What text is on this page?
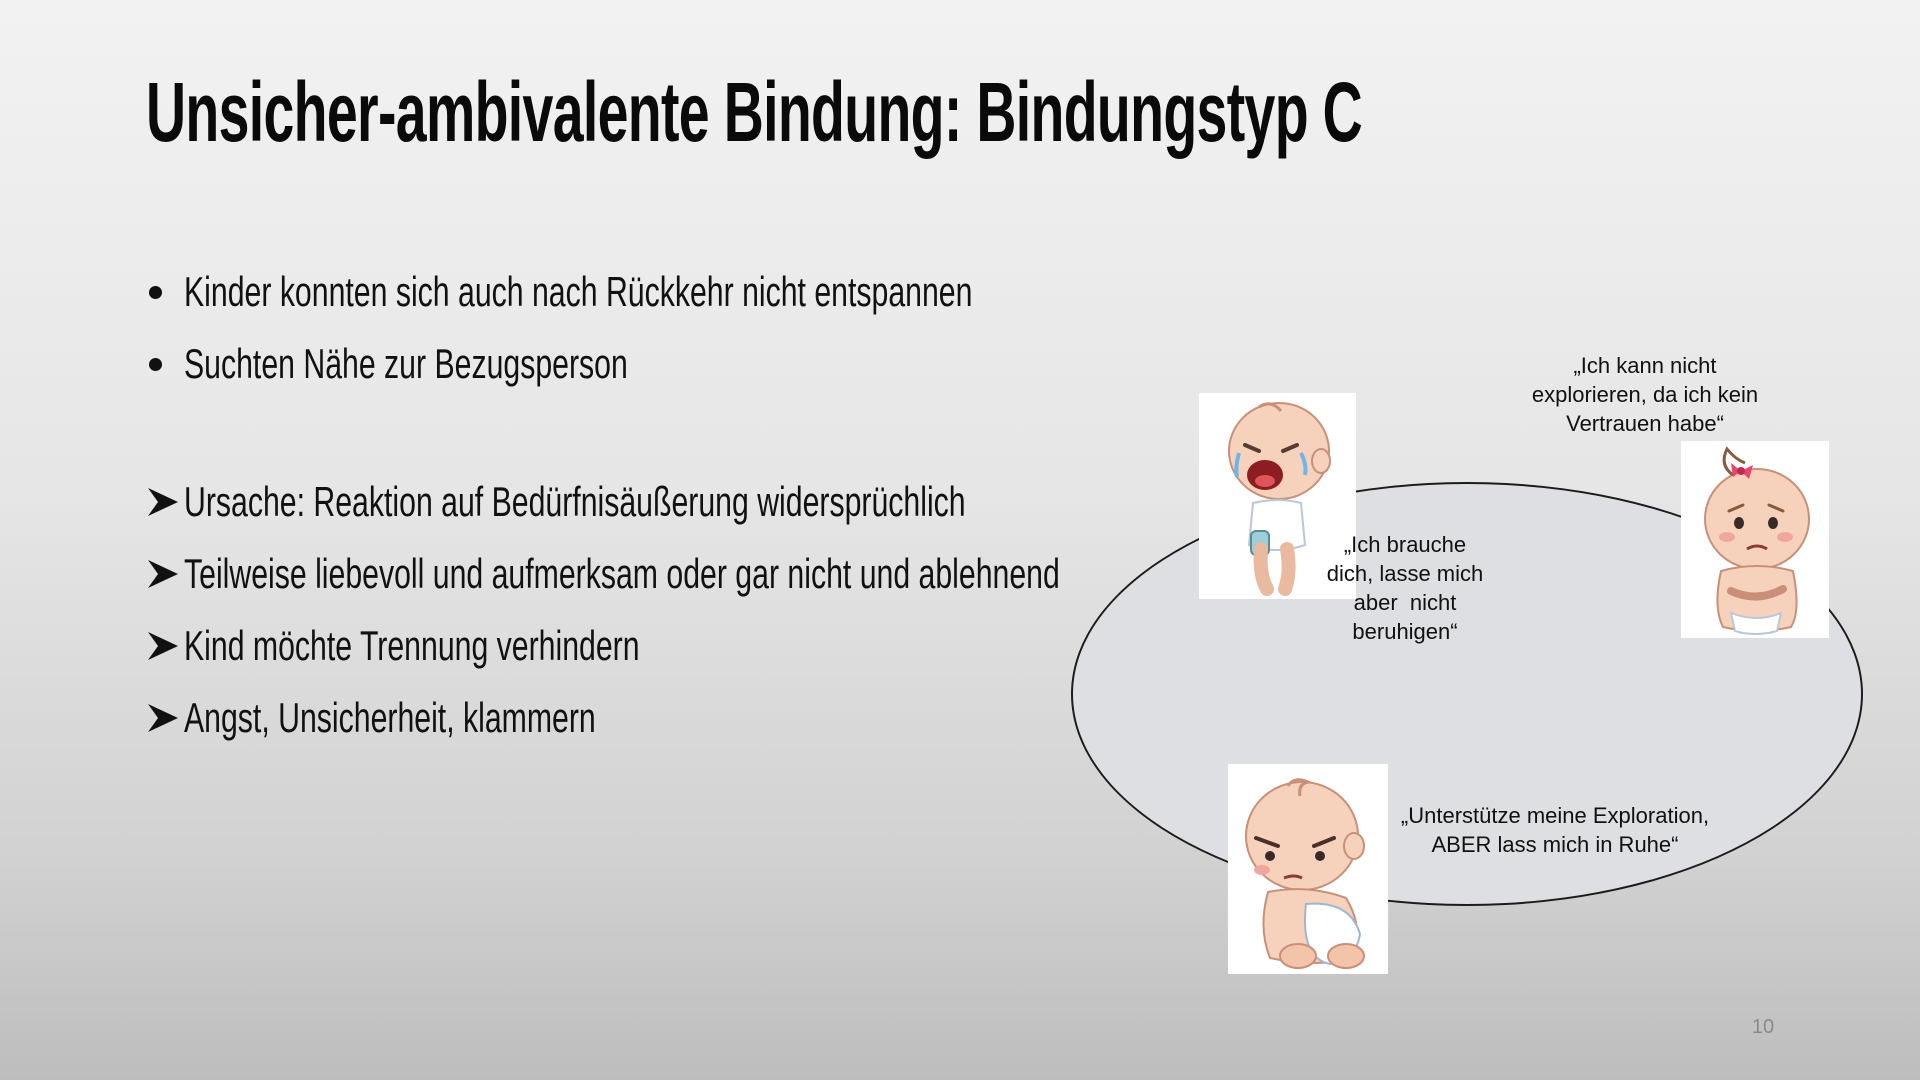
Unsicher-ambivalente Bindung: Bindungstyp C
Kinder konnten sich auch nach Rückkehr nicht entspannen
Suchten Nähe zur Bezugsperson
Ursache: Reaktion auf Bedürfnisäußerung widersprüchlich
Teilweise liebevoll und aufmerksam oder gar nicht und ablehnend
Kind möchte Trennung verhindern
Angst, Unsicherheit, klammern
„Ich brauche
dich, lasse mich
aber  nicht
beruhigen“
„Ich kann nicht
explorieren, da ich kein
Vertrauen habe“
„Unterstütze meine Exploration,
ABER lass mich in Ruhe“
10
